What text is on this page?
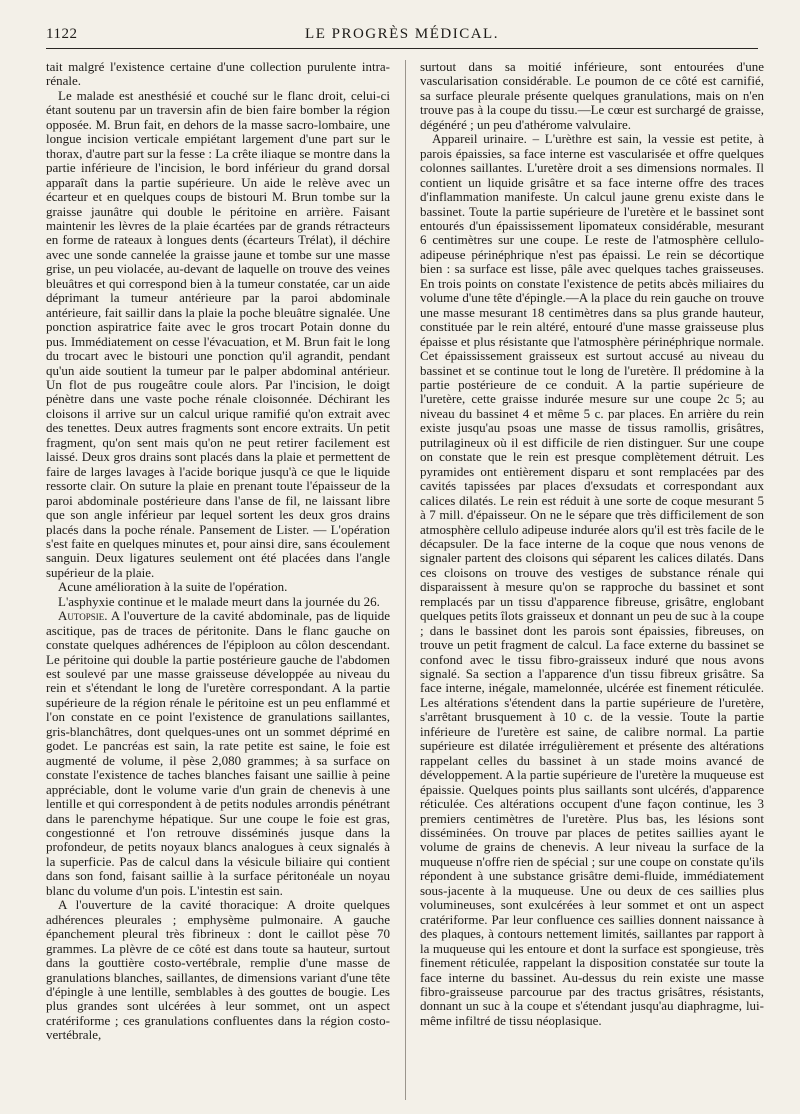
1122	LE PROGRÈS MÉDICAL.

tait malgré l'existence certaine d'une collection purulente intra-rénale.

Le malade est anesthésié et couché sur le flanc droit, celui-ci étant soutenu par un traversin afin de bien faire bomber la région opposée. M. Brun fait, en dehors de la masse sacro-lombaire, une longue incision verticale empiétant largement d'une part sur le thorax, d'autre part sur la fesse : La crête iliaque se montre dans la partie inférieure de l'incision, le bord inférieur du grand dorsal apparaît dans la partie supérieure. Un aide le relève avec un écarteur et en quelques coups de bistouri M. Brun tombe sur la graisse jaunâtre qui double le péritoine en arrière. Faisant maintenir les lèvres de la plaie écartées par de grands rétracteurs en forme de rateaux à longues dents (écarteurs Trélat), il déchire avec une sonde cannelée la graisse jaune et tombe sur une masse grise, un peu violacée, au-devant de laquelle on trouve des veines bleuâtres et qui correspond bien à la tumeur constatée, car un aide déprimant la tumeur antérieure par la paroi abdominale antérieure, fait saillir dans la plaie la poche bleuâtre signalée. Une ponction aspiratrice faite avec le gros trocart Potain donne du pus. Immédiatement on cesse l'évacuation, et M. Brun fait le long du trocart avec le bistouri une ponction qu'il agrandit, pendant qu'un aide soutient la tumeur par le palper abdominal antérieur. Un flot de pus rougeâtre coule alors. Par l'incision, le doigt pénètre dans une vaste poche rénale cloisonnée. Déchirant les cloisons il arrive sur un calcul urique ramifié qu'on extrait avec des tenettes. Deux autres fragments sont encore extraits. Un petit fragment, qu'on sent mais qu'on ne peut retirer facilement est laissé. Deux gros drains sont placés dans la plaie et permettent de faire de larges lavages à l'acide borique jusqu'à ce que le liquide ressorte clair. On suture la plaie en prenant toute l'épaisseur de la paroi abdominale postérieure dans l'anse de fil, ne laissant libre que son angle inférieur par lequel sortent les deux gros drains placés dans la poche rénale. Pansement de Lister. — L'opération s'est faite en quelques minutes et, pour ainsi dire, sans écoulement sanguin. Deux ligatures seulement ont été placées dans l'angle supérieur de la plaie.

Acune amélioration à la suite de l'opération.

L'asphyxie continue et le malade meurt dans la journée du 26.

Autopsie. A l'ouverture de la cavité abdominale, pas de liquide ascitique, pas de traces de péritonite. Dans le flanc gauche on constate quelques adhérences de l'épiploon au côlon descendant. Le péritoine qui double la partie postérieure gauche de l'abdomen est soulevé par une masse graisseuse développée au niveau du rein et s'étendant le long de l'uretère correspondant. A la partie supérieure de la région rénale le péritoine est un peu enflammé et l'on constate en ce point l'existence de granulations saillantes, gris-blanchâtres, dont quelques-unes ont un sommet déprimé en godet. Le pancréas est sain, la rate petite est saine, le foie est augmenté de volume, il pèse 2,080 grammes; à sa surface on constate l'existence de taches blanches faisant une saillie à peine appréciable, dont le volume varie d'un grain de chenevis à une lentille et qui correspondent à de petits nodules arrondis pénétrant dans le parenchyme hépatique. Sur une coupe le foie est gras, congestionné et l'on retrouve disséminés jusque dans la profondeur, de petits noyaux blancs analogues à ceux signalés à la superficie. Pas de calcul dans la vésicule biliaire qui contient dans son fond, faisant saillie à la surface péritonéale un noyau blanc du volume d'un pois. L'intestin est sain.

A l'ouverture de la cavité thoracique: A droite quelques adhérences pleurales ; emphysème pulmonaire. A gauche épanchement pleural très fibrineux : dont le caillot pèse 70 grammes. La plèvre de ce côté est dans toute sa hauteur, surtout dans la gouttière costo-vertébrale, remplie d'une masse de granulations blanches, saillantes, de dimensions variant d'une tête d'épingle à une lentille, semblables à des gouttes de bougie. Les plus grandes sont ulcérées à leur sommet, ont un aspect cratériforme ; ces granulations confluentes dans la région costo-vertébrale,

surtout dans sa moitié inférieure, sont entourées d'une vascularisation considérable. Le poumon de ce côté est carnifié, sa surface pleurale présente quelques granulations, mais on n'en trouve pas à la coupe du tissu.—Le cœur est surchargé de graisse, dégénéré ; un peu d'athérome valvulaire.

Appareil urinaire. – L'urèthre est sain, la vessie est petite, à parois épaissies, sa face interne est vascularisée et offre quelques colonnes saillantes. L'uretère droit a ses dimensions normales. Il contient un liquide grisâtre et sa face interne offre des traces d'inflammation manifeste. Un calcul jaune grenu existe dans le bassinet. Toute la partie supérieure de l'uretère et le bassinet sont entourés d'un épaississement lipomateux considérable, mesurant 6 centimètres sur une coupe. Le reste de l'atmosphère cellulo-adipeuse périnéphrique n'est pas épaissi. Le rein se décortique bien : sa surface est lisse, pâle avec quelques taches graisseuses. En trois points on constate l'existence de petits abcès miliaires du volume d'une tête d'épingle.—A la place du rein gauche on trouve une masse mesurant 18 centimètres dans sa plus grande hauteur, constituée par le rein altéré, entouré d'une masse graisseuse plus épaisse et plus résistante que l'atmosphère périnéphrique normale. Cet épaississement graisseux est surtout accusé au niveau du bassinet et se continue tout le long de l'uretère. Il prédomine à la partie postérieure de ce conduit. A la partie supérieure de l'uretère, cette graisse indurée mesure sur une coupe 2c 5; au niveau du bassinet 4 et même 5 c. par places. En arrière du rein existe jusqu'au psoas une masse de tissus ramollis, grisâtres, putrilagineux où il est difficile de rien distinguer. Sur une coupe on constate que le rein est presque complètement détruit. Les pyramides ont entièrement disparu et sont remplacées par des cavités tapissées par places d'exsudats et correspondant aux calices dilatés. Le rein est réduit à une sorte de coque mesurant 5 à 7 mill. d'épaisseur. On ne le sépare que très difficilement de son atmosphère cellulo adipeuse indurée alors qu'il est très facile de le décapsuler. De la face interne de la coque que nous venons de signaler partent des cloisons qui séparent les calices dilatés. Dans ces cloisons on trouve des vestiges de substance rénale qui disparaissent à mesure qu'on se rapproche du bassinet et sont remplacés par un tissu d'apparence fibreuse, grisâtre, englobant quelques petits îlots graisseux et donnant un peu de suc à la coupe ; dans le bassinet dont les parois sont épaissies, fibreuses, on trouve un petit fragment de calcul. La face externe du bassinet se confond avec le tissu fibro-graisseux induré que nous avons signalé. Sa section a l'apparence d'un tissu fibreux grisâtre. Sa face interne, inégale, mamelonnée, ulcérée est finement réticulée. Les altérations s'étendent dans la partie supérieure de l'uretère, s'arrêtant brusquement à 10 c. de la vessie. Toute la partie inférieure de l'uretère est saine, de calibre normal. La partie supérieure est dilatée irrégulièrement et présente des altérations rappelant celles du bassinet à un stade moins avancé de développement. A la partie supérieure de l'uretère la muqueuse est épaissie. Quelques points plus saillants sont ulcérés, d'apparence réticulée. Ces altérations occupent d'une façon continue, les 3 premiers centimètres de l'uretère. Plus bas, les lésions sont disséminées. On trouve par places de petites saillies ayant le volume de grains de chenevis. A leur niveau la surface de la muqueuse n'offre rien de spécial ; sur une coupe on constate qu'ils répondent à une substance grisâtre demi-fluide, immédiatement sous-jacente à la muqueuse. Une ou deux de ces saillies plus volumineuses, sont exulcérées à leur sommet et ont un aspect cratériforme. Par leur confluence ces saillies donnent naissance à des plaques, à contours nettement limités, saillantes par rapport à la muqueuse qui les entoure et dont la surface est spongieuse, très finement réticulée, rappelant la disposition constatée sur toute la face interne du bassinet. Au-dessus du rein existe une masse fibro-graisseuse parcourue par des tractus grisâtres, résistants, donnant un suc à la coupe et s'étendant jusqu'au diaphragme, lui-même infiltré de tissu néoplasique.
